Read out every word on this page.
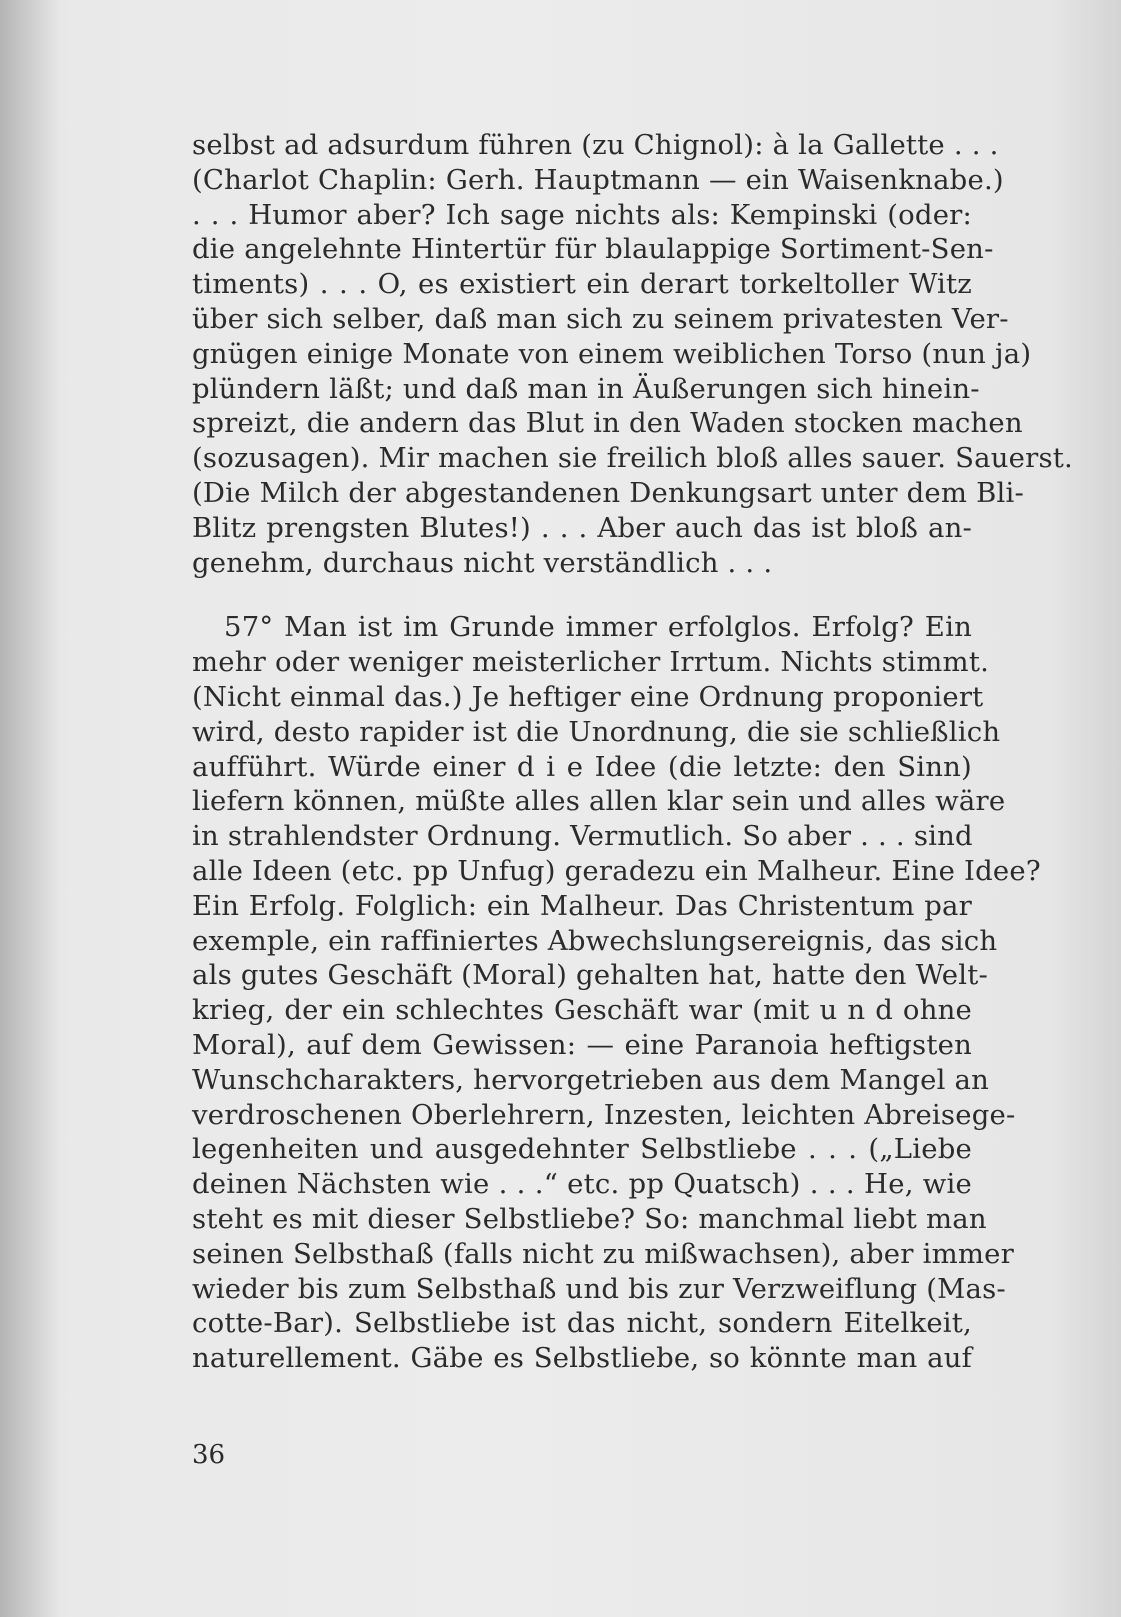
selbst ad adsurdum führen (zu Chignol): à la Gallette . . .
(Charlot Chaplin: Gerh. Hauptmann — ein Waisenknabe.)
. . . Humor aber? Ich sage nichts als: Kempinski (oder:
die angelehnte Hintertür für blaulappige Sortiment-Sen-
timents) . . . O, es existiert ein derart torkeltoller Witz
über sich selber, daß man sich zu seinem privatesten Ver-
gnügen einige Monate von einem weiblichen Torso (nun ja)
plündern läßt; und daß man in Äußerungen sich hinein-
spreizt, die andern das Blut in den Waden stocken machen
(sozusagen). Mir machen sie freilich bloß alles sauer. Sauerst.
(Die Milch der abgestandenen Denkungsart unter dem Bli-
Blitz prengsten Blutes!) . . . Aber auch das ist bloß an-
genehm, durchaus nicht verständlich . . .
57° Man ist im Grunde immer erfolglos. Erfolg? Ein
mehr oder weniger meisterlicher Irrtum. Nichts stimmt.
(Nicht einmal das.) Je heftiger eine Ordnung proponiert
wird, desto rapider ist die Unordnung, die sie schließlich
aufführt. Würde einer d i e Idee (die letzte: den Sinn)
liefern können, müßte alles allen klar sein und alles wäre
in strahlendster Ordnung. Vermutlich. So aber . . . sind
alle Ideen (etc. pp Unfug) geradezu ein Malheur. Eine Idee?
Ein Erfolg. Folglich: ein Malheur. Das Christentum par
exemple, ein raffiniertes Abwechslungsereignis, das sich
als gutes Geschäft (Moral) gehalten hat, hatte den Welt-
krieg, der ein schlechtes Geschäft war (mit u n d ohne
Moral), auf dem Gewissen: — eine Paranoia heftigsten
Wunschcharakters, hervorgetrieben aus dem Mangel an
verdroschenen Oberlehrern, Inzesten, leichten Abreisege-
legenheiten und ausgedehnter Selbstliebe . . . („Liebe
deinen Nächsten wie . . .“ etc. pp Quatsch) . . . He, wie
steht es mit dieser Selbstliebe? So: manchmal liebt man
seinen Selbsthaß (falls nicht zu mißwachsen), aber immer
wieder bis zum Selbsthaß und bis zur Verzweiflung (Mas-
cotte-Bar). Selbstliebe ist das nicht, sondern Eitelkeit,
naturellement. Gäbe es Selbstliebe, so könnte man auf
36
